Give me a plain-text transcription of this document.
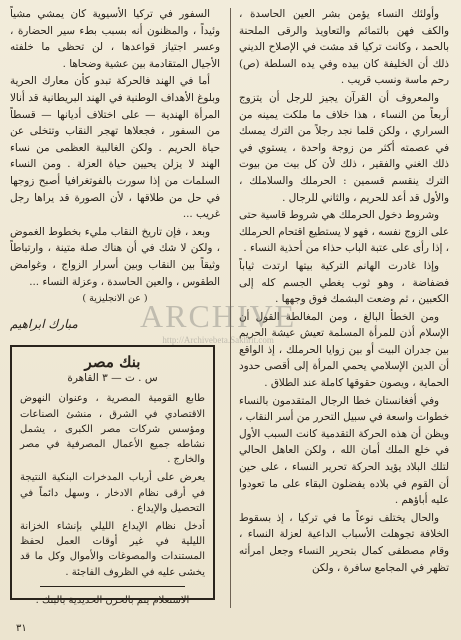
وأولئك النساء يؤمن بشر العين الحاسدة ، والكف فهن بالتمائم والتعاويذ والرقى الملحنة بالحمد ، وكانت تركيا قد مشت في الإصلاح الديني ذلك أن الخليفة كان بيده وفي يده السلطة (ص) رحم ماسة ونسب قريب .

والمعروف أن القرآن يجيز للرجل أن يتزوج أربعاً من النساء ، هذا خلاف ما ملكت يمينه من السراري ، ولكن قلما نجد رجلاً من الترك يمسك في عصمته أكثر من زوجة واحدة ، يستوي في ذلك الغني والفقير ، ذلك لأن كل بيت من بيوت الترك ينقسم قسمين : الحرملك والسلاملك ، والأول قد أعد للحريم ، والثاني للرجال .

وشروط دخول الحرملك هي شروط قاسية حتى على الزوج نفسه ، فهو لا يستطيع اقتحام الحرملك ، إذا رأى على عتبة الباب حذاء من أحذية النساء .

وإذا غادرت الهانم التركية بيتها ارتدت ثياباً فضفاضة ، وهو ثوب يغطي الجسم كله إلى الكعبين ، ثم وضعت البشمك فوق وجهها .

ومن الخطأ البالغ ، ومن المغالطة القول أن الإسلام أذن للمرأة المسلمة تعيش عيشة الحريم بين جدران البيت أو بين زوايا الحرملك ، إذ الواقع أن الدين الإسلامي يحمي المرأة إلى أقصى حدود الحماية ، ويصون حقوقها كاملة عند الطلاق .

وفي أفغانستان خطا الرجال المتقدمون بالنساء خطوات واسعة في سبيل التحرر من أسر النقاب ، ويظن أن هذه الحركة التقدمية كانت السبب الأول في خلع الملك أمان الله ، ولكن العاهل الحالي لتلك البلاد يؤيد الحركة تحرير النساء ، على حين أن القوم في بلاده يفضلون البقاء على ما تعودوا عليه أباؤهم .

والحال يختلف نوعاً ما في تركيا ، إذ بسقوط الخلافة تجوهلت الأسباب الداعية لعزلة النساء ، وقام مصطفى كمال بتحرير النساء وجعل امرأته تظهر في المجامع سافرة ، ولكن

السفور في تركيا الأسيوية كان يمشي مشياً وئيداً ، والمظنون أنه بسبب بطء سير الحضارة ، وعسر اجتياز قواعدها ، لن تحظى ما خلفته الأجيال المتقادمة بين عشية وضحاها .

أما في الهند فالحركة تبدو كأن معارك الحرية وبلوغ الأهداف الوطنية في الهند البريطانية قد أنالا المرأة الهندية — على اختلاف أديانها — قسطاً من السفور ، فجعلاها تهجر النقاب وتتخلى عن حياة الحريم . ولكن الغالبية العظمى من نساء الهند لا يزلن يحيين حياة العزلة . ومن النساء السلمات من إذا سورت بالفوتغرافيا أصبح زوجها في حل من طلاقها ، لأن الصورة قد يراها رجل غريب ...

وبعد ، فإن تاريخ النقاب مليء بخطوط الغموض ، ولكن لا شك في أن هناك صلة متينة ، وارتباطاً وثيقاً بين النقاب وبين أسرار الزواج ، وغوامض الطقوس ، والعين الحاسدة ، وعزلة النساء ...

( عن الانجليزية )
مبارك ابراهيم
بنك مصر
س . ت — ٣ القاهرة

طابع القومية المصرية ، وعنوان النهوض الاقتصادي في الشرق ، منشئ الصناعات ومؤسس شركات مصر الكبرى ، يشمل نشاطه جميع الأعمال المصرفية في مصر والخارج .

يعرض على أرباب المدخرات البنكية النتيجة في أرقى نظام الادخار ، وسهل دائماً في التحصيل والإيداع .

أدخل نظام الإيداع الليلي بإنشاء الخزانة الليلية في غير أوقات العمل لحفظ المستندات والمصوغات والأموال وكل ما قد يخشى عليه في الظروف الفاجئة .

الاستعلام يتم بالحزن الحديدية بالبنك .
ARCHIVE
http://Archivebeta.Sakhrit.com
٣١
